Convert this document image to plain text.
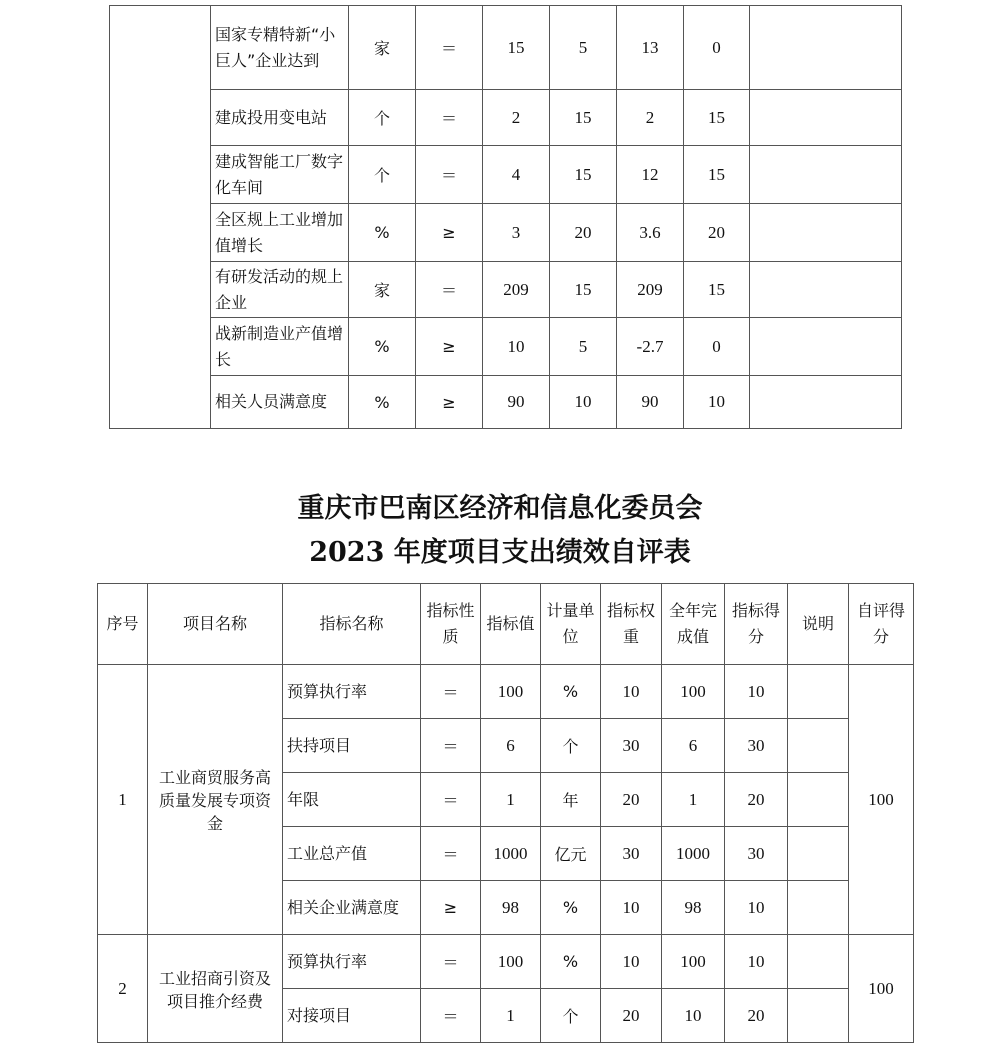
	国家专精特新“小巨人”企业达到	家	＝	15	5	13	0	
	建成投用变电站	个	＝	2	15	2	15	
	建成智能工厂数字化车间	个	＝	4	15	12	15	
	全区规上工业增加值增长	%	≥	3	20	3.6	20	
	有研发活动的规上企业	家	＝	209	15	209	15	
	战新制造业产值增长	%	≥	10	5	-2.7	0	
	相关人员满意度	%	≥	90	10	90	10	
重庆市巴南区经济和信息化委员会
2023 年度项目支出绩效自评表
序号	项目名称	指标名称	指标性质	指标值	计量单位	指标权重	全年完成值	指标得分	说明	自评得分
1	工业商贸服务高质量发展专项资金	预算执行率	＝	100	%	10	100	10		100
		扶持项目	＝	6	个	30	6	30		
		年限	＝	1	年	20	1	20		
		工业总产值	＝	1000	亿元	30	1000	30		
		相关企业满意度	≥	98	%	10	98	10		
2	工业招商引资及项目推介经费	预算执行率	＝	100	%	10	100	10		100
		对接项目	＝	1	个	20	10	20		
